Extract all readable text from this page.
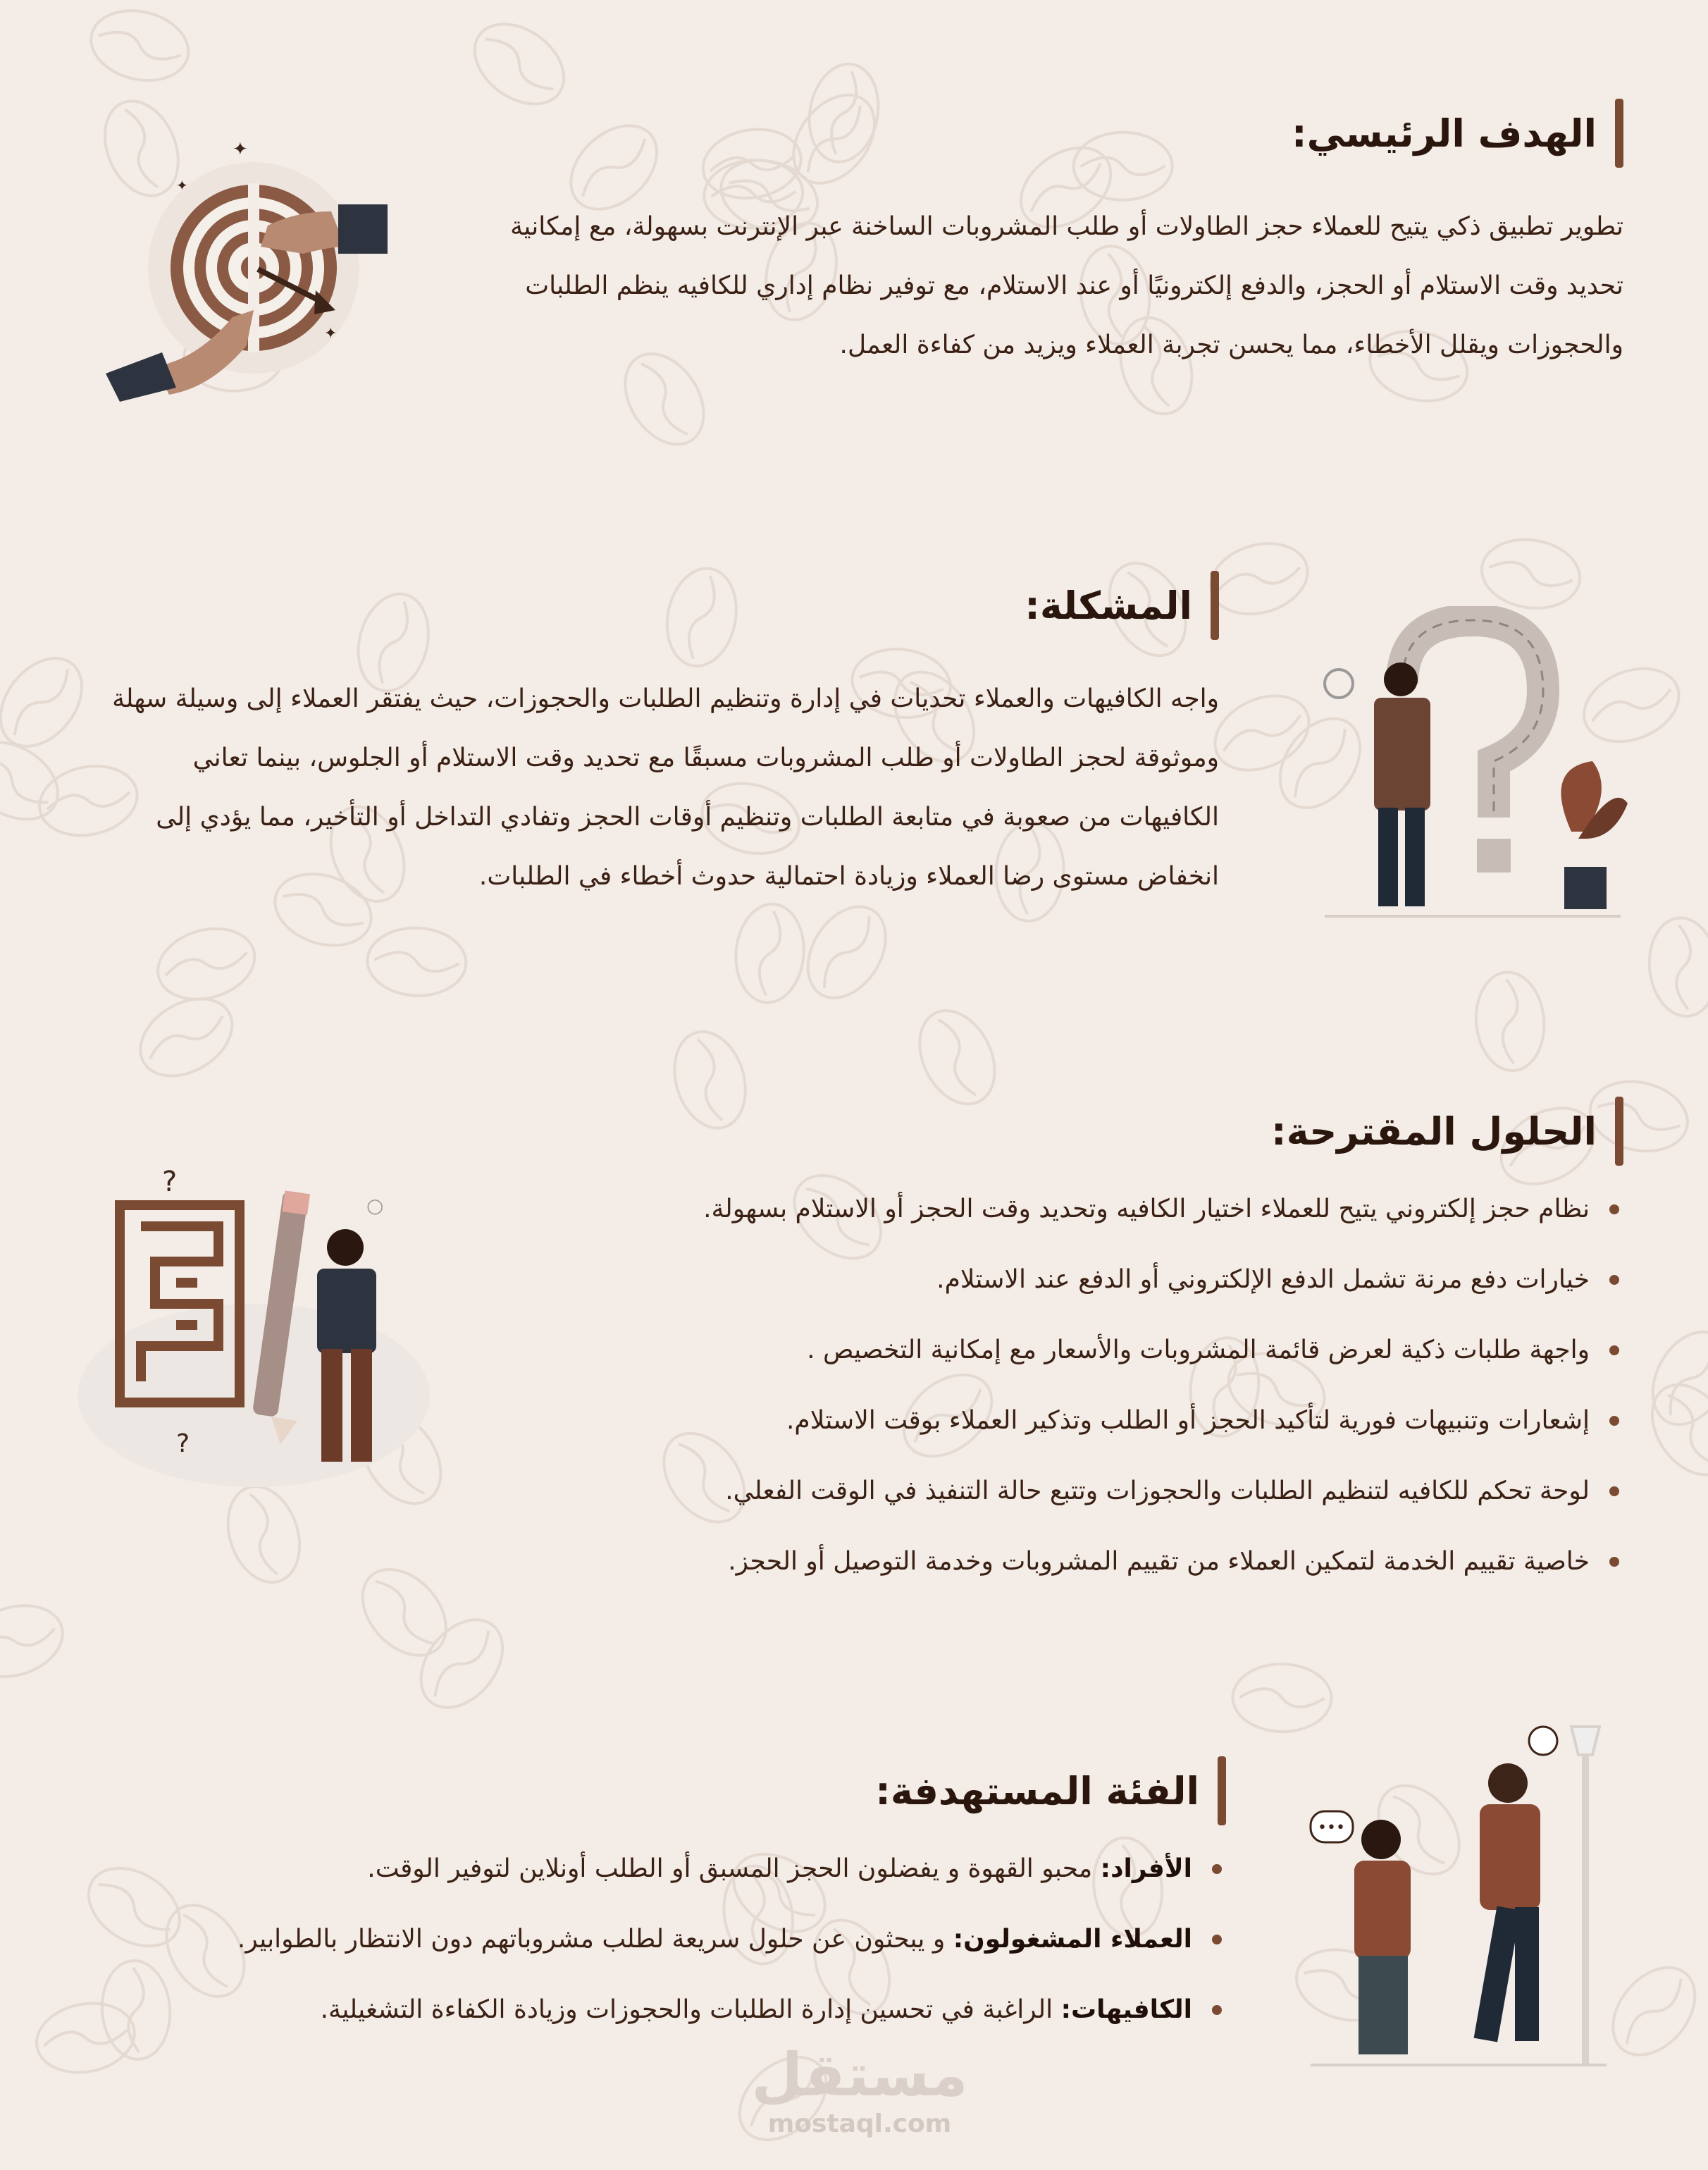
الهدف الرئيسي:
تطوير تطبيق ذكي يتيح للعملاء حجز الطاولات أو طلب المشروبات الساخنة عبر الإنترنت بسهولة، مع إمكانية تحديد وقت الاستلام أو الحجز، والدفع إلكترونيًا أو عند الاستلام، مع توفير نظام إداري للكافيه ينظم الطلبات والحجوزات ويقلل الأخطاء، مما يحسن تجربة العملاء ويزيد من كفاءة العمل.
✦
✦
✦
المشكلة:
واجه الكافيهات والعملاء تحديات في إدارة وتنظيم الطلبات والحجوزات، حيث يفتقر العملاء إلى وسيلة سهلة وموثوقة لحجز الطاولات أو طلب المشروبات مسبقًا مع تحديد وقت الاستلام أو الجلوس، بينما تعاني الكافيهات من صعوبة في متابعة الطلبات وتنظيم أوقات الحجز وتفادي التداخل أو التأخير، مما يؤدي إلى انخفاض مستوى رضا العملاء وزيادة احتمالية حدوث أخطاء في الطلبات.
الحلول المقترحة:
نظام حجز إلكتروني يتيح للعملاء اختيار الكافيه وتحديد وقت الحجز أو الاستلام بسهولة.
خيارات دفع مرنة تشمل الدفع الإلكتروني أو الدفع عند الاستلام.
واجهة طلبات ذكية لعرض قائمة المشروبات والأسعار مع إمكانية التخصيص .
إشعارات وتنبيهات فورية لتأكيد الحجز أو الطلب وتذكير العملاء بوقت الاستلام.
لوحة تحكم للكافيه لتنظيم الطلبات والحجوزات وتتبع حالة التنفيذ في الوقت الفعلي.
خاصية تقييم الخدمة لتمكين العملاء من تقييم المشروبات وخدمة التوصيل أو الحجز.
?
?
○
الفئة المستهدفة:
الأفراد: محبو القهوة و يفضلون الحجز المسبق أو الطلب أونلاين لتوفير الوقت.
العملاء المشغولون: و يبحثون عن حلول سريعة لطلب مشروباتهم دون الانتظار بالطوابير.
الكافيهات: الراغبة في تحسين إدارة الطلبات والحجوزات وزيادة الكفاءة التشغيلية.
•••
مستقل
mostaql.com
